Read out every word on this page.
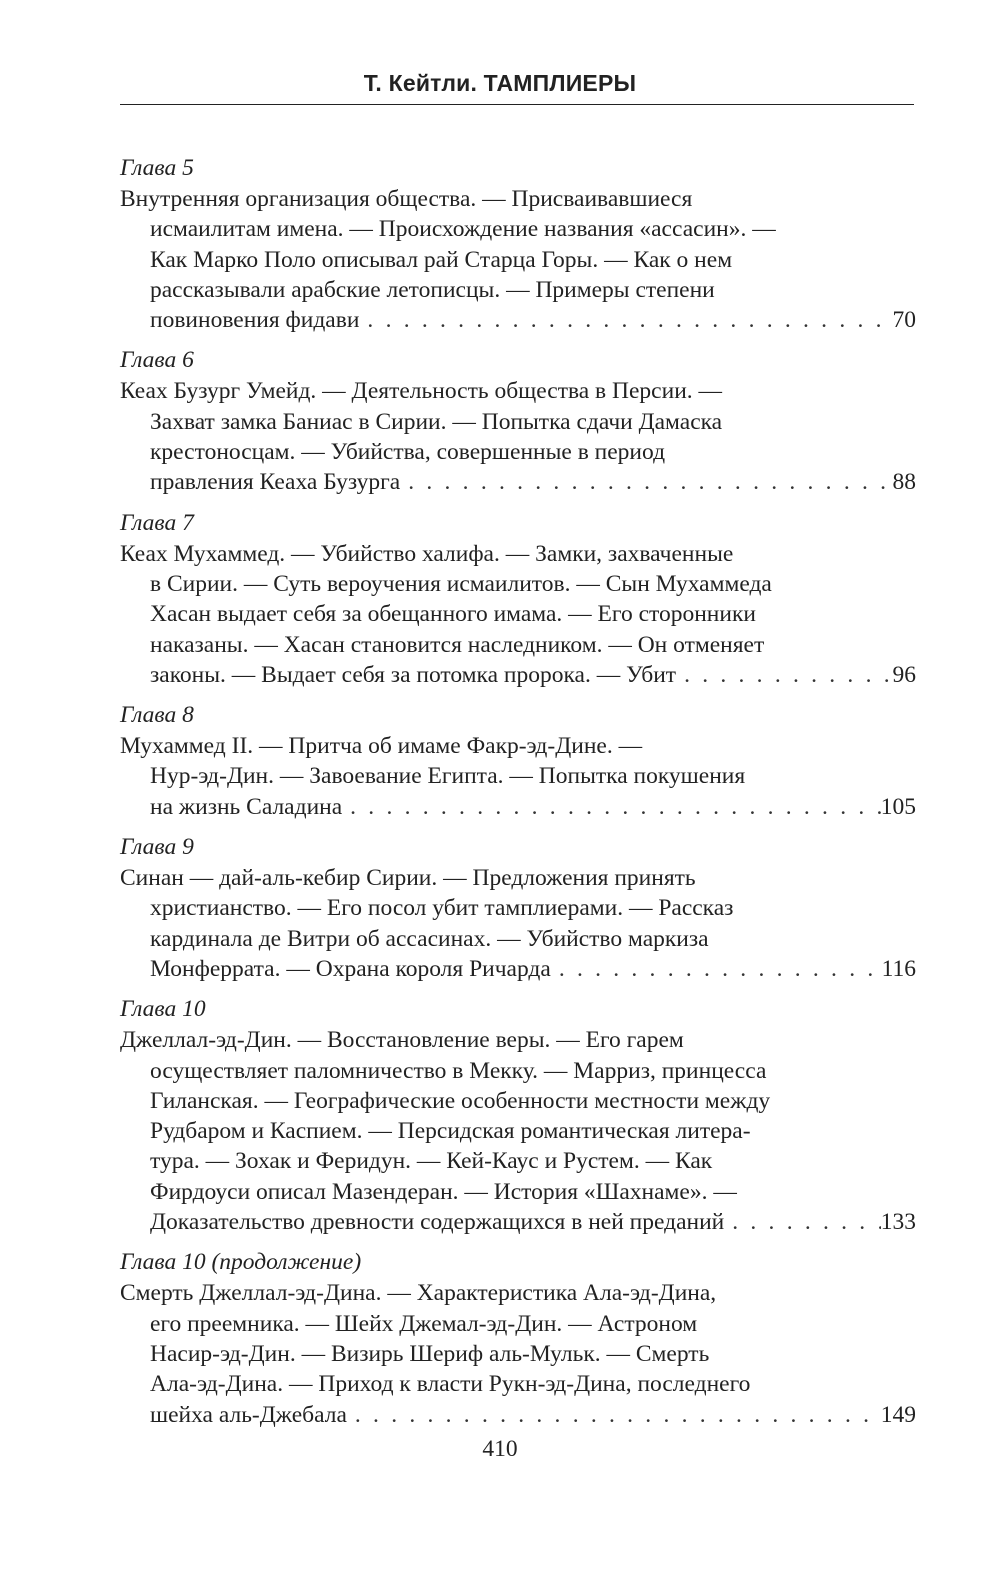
Т. Кейтли. ТАМПЛИЕРЫ
Глава 5
Внутренняя организация общества. — Присваивавшиеся
исмаилитам имена. — Происхождение названия «ассасин». —
Как Марко Поло описывал рай Старца Горы. — Как о нем
рассказывали арабские летописцы. — Примеры степени
повиновения фидави . . .	70
Глава 6
Кеах Бузург Умейд. — Деятельность общества в Персии. —
Захват замка Баниас в Сирии. — Попытка сдачи Дамаска
крестоносцам. — Убийства, совершенные в период
правления Кеаха Бузурга . . .	88
Глава 7
Кеах Мухаммед. — Убийство халифа. — Замки, захваченные
в Сирии. — Суть вероучения исмаилитов. — Сын Мухаммеда
Хасан выдает себя за обещанного имама. — Его сторонники
наказаны. — Хасан становится наследником. — Он отменяет
законы. — Выдает себя за потомка пророка. — Убит . . .	96
Глава 8
Мухаммед II. — Притча об имаме Факр-эд-Дине. —
Нур-эд-Дин. — Завоевание Египта. — Попытка покушения
на жизнь Саладина . . .	105
Глава 9
Синан — дай-аль-кебир Сирии. — Предложения принять
христианство. — Его посол убит тамплиерами. — Рассказ
кардинала де Витри об ассасинах. — Убийство маркиза
Монферрата. — Охрана короля Ричарда . . .	116
Глава 10
Джеллал-эд-Дин. — Восстановление веры. — Его гарем
осуществляет паломничество в Мекку. — Марриз, принцесса
Гиланская. — Географические особенности местности между
Рудбаром и Каспием. — Персидская романтическая литера-
тура. — Зохак и Феридун. — Кей-Каус и Рустем. — Как
Фирдоуси описал Мазендеран. — История «Шахнаме». —
Доказательство древности содержащихся в ней преданий . . .	133
Глава 10 (продолжение)
Смерть Джеллал-эд-Дина. — Характеристика Ала-эд-Дина,
его преемника. — Шейх Джемал-эд-Дин. — Астроном
Насир-эд-Дин. — Визирь Шериф аль-Мульк. — Смерть
Ала-эд-Дина. — Приход к власти Рукн-эд-Дина, последнего
шейха аль-Джебала . . .	149
410
